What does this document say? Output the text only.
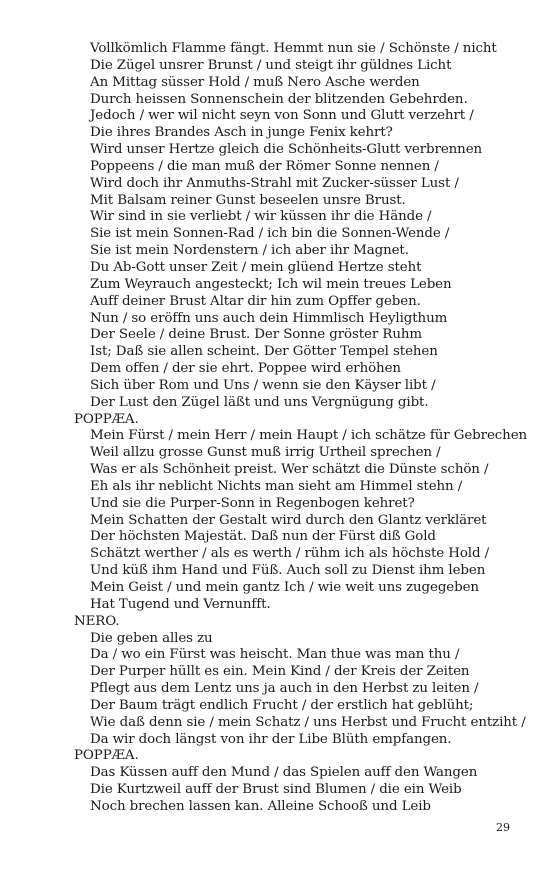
Vollkömlich Flamme fängt. Hemmt nun sie / Schönste / nicht
Die Zügel unsrer Brunst / und steigt ihr güldnes Licht
An Mittag süsser Hold / muß Nero Asche werden
Durch heissen Sonnenschein der blitzenden Gebehrden.
Jedoch / wer wil nicht seyn von Sonn und Glutt verzehrt /
Die ihres Brandes Asch in junge Fenix kehrt?
Wird unser Hertze gleich die Schönheits-Glutt verbrennen
Poppeens / die man muß der Römer Sonne nennen /
Wird doch ihr Anmuths-Strahl mit Zucker-süsser Lust /
Mit Balsam reiner Gunst beseelen unsre Brust.
Wir sind in sie verliebt / wir küssen ihr die Hände /
Sie ist mein Sonnen-Rad / ich bin die Sonnen-Wende /
Sie ist mein Nordenstern / ich aber ihr Magnet.
Du Ab-Gott unser Zeit / mein glüend Hertze steht
Zum Weyrauch angesteckt; Ich wil mein treues Leben
Auff deiner Brust Altar dir hin zum Opffer geben.
Nun / so eröffn uns auch dein Himmlisch Heyligthum
Der Seele / deine Brust. Der Sonne gröster Ruhm
Ist; Daß sie allen scheint. Der Götter Tempel stehen
Dem offen / der sie ehrt. Poppee wird erhöhen
Sich über Rom und Uns / wenn sie den Käyser libt /
Der Lust den Zügel läßt und uns Vergnügung gibt.
POPPÆA.
Mein Fürst / mein Herr / mein Haupt / ich schätze für Gebrechen
Weil allzu grosse Gunst muß irrig Urtheil sprechen /
Was er als Schönheit preist. Wer schätzt die Dünste schön /
Eh als ihr neblicht Nichts man sieht am Himmel stehn /
Und sie die Purper-Sonn in Regenbogen kehret?
Mein Schatten der Gestalt wird durch den Glantz verkläret
Der höchsten Majestät. Daß nun der Fürst diß Gold
Schätzt werther / als es werth / rühm ich als höchste Hold /
Und küß ihm Hand und Füß. Auch soll zu Dienst ihm leben
Mein Geist / und mein gantz Ich / wie weit uns zugegeben
Hat Tugend und Vernunfft.
NERO.
Die geben alles zu
Da / wo ein Fürst was heischt. Man thue was man thu /
Der Purper hüllt es ein. Mein Kind / der Kreis der Zeiten
Pflegt aus dem Lentz uns ja auch in den Herbst zu leiten /
Der Baum trägt endlich Frucht / der erstlich hat geblüht;
Wie daß denn sie / mein Schatz / uns Herbst und Frucht entziht /
Da wir doch längst von ihr der Libe Blüth empfangen.
POPPÆA.
Das Küssen auff den Mund / das Spielen auff den Wangen
Die Kurtzweil auff der Brust sind Blumen / die ein Weib
Noch brechen lassen kan. Alleine Schooß und Leib
29
